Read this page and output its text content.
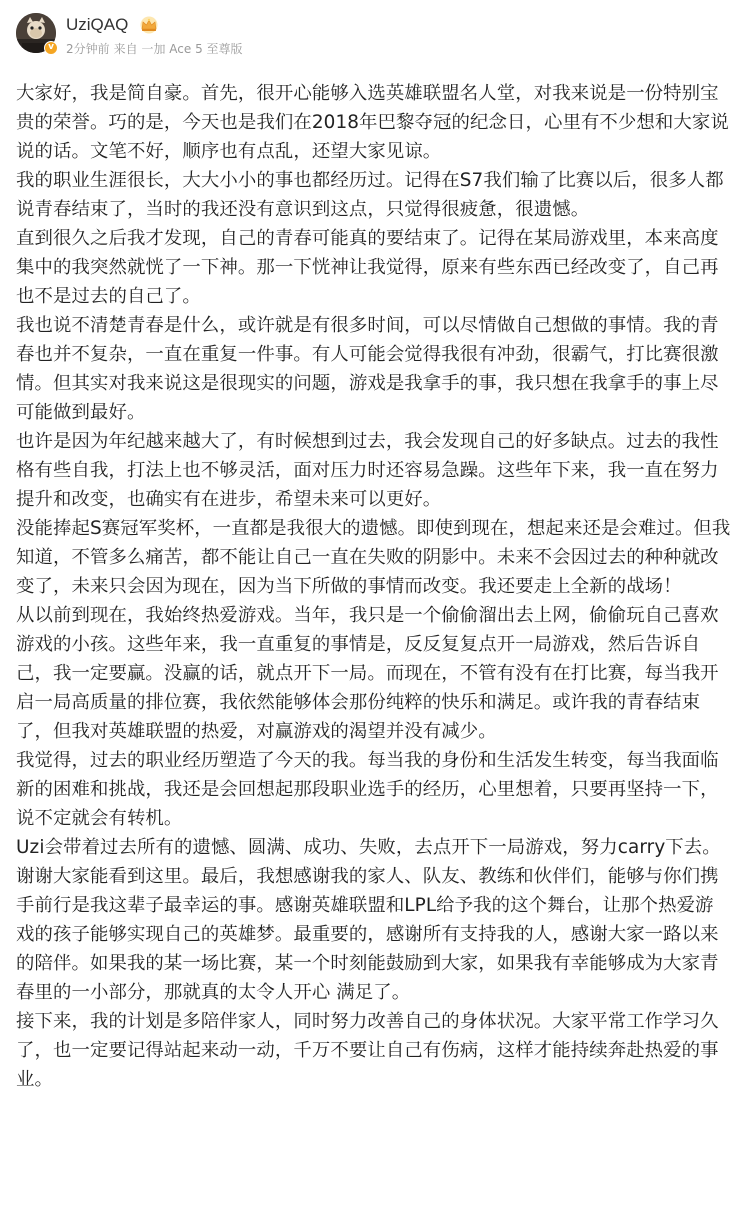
v
UziQAQ
2分钟前 来自 一加 Ace 5 至尊版

大家好，我是简自豪。首先，很开心能够入选英雄联盟名人堂，对我来说是一份特别宝贵的荣誉。巧的是，今天也是我们在2018年巴黎夺冠的纪念日，心里有不少想和大家说说的话。文笔不好，顺序也有点乱，还望大家见谅。

我的职业生涯很长，大大小小的事也都经历过。记得在S7我们输了比赛以后，很多人都说青春结束了，当时的我还没有意识到这点，只觉得很疲惫，很遗憾。

直到很久之后我才发现，自己的青春可能真的要结束了。记得在某局游戏里，本来高度集中的我突然就恍了一下神。那一下恍神让我觉得，原来有些东西已经改变了，自己再也不是过去的自己了。

我也说不清楚青春是什么，或许就是有很多时间，可以尽情做自己想做的事情。我的青春也并不复杂，一直在重复一件事。有人可能会觉得我很有冲劲，很霸气，打比赛很激情。但其实对我来说这是很现实的问题，游戏是我拿手的事，我只想在我拿手的事上尽可能做到最好。

也许是因为年纪越来越大了，有时候想到过去，我会发现自己的好多缺点。过去的我性格有些自我，打法上也不够灵活，面对压力时还容易急躁。这些年下来，我一直在努力提升和改变，也确实有在进步，希望未来可以更好。

没能捧起S赛冠军奖杯，一直都是我很大的遗憾。即使到现在，想起来还是会难过。但我知道，不管多么痛苦，都不能让自己一直在失败的阴影中。未来不会因过去的种种就改变了，未来只会因为现在，因为当下所做的事情而改变。我还要走上全新的战场！

从以前到现在，我始终热爱游戏。当年，我只是一个偷偷溜出去上网，偷偷玩自己喜欢游戏的小孩。这些年来，我一直重复的事情是，反反复复点开一局游戏，然后告诉自己，我一定要赢。没赢的话，就点开下一局。而现在，不管有没有在打比赛，每当我开启一局高质量的排位赛，我依然能够体会那份纯粹的快乐和满足。或许我的青春结束了，但我对英雄联盟的热爱，对赢游戏的渴望并没有减少。

我觉得，过去的职业经历塑造了今天的我。每当我的身份和生活发生转变，每当我面临新的困难和挑战，我还是会回想起那段职业选手的经历，心里想着，只要再坚持一下，说不定就会有转机。

Uzi会带着过去所有的遗憾、圆满、成功、失败，去点开下一局游戏，努力carry下去。

谢谢大家能看到这里。最后，我想感谢我的家人、队友、教练和伙伴们，能够与你们携手前行是我这辈子最幸运的事。感谢英雄联盟和LPL给予我的这个舞台，让那个热爱游戏的孩子能够实现自己的英雄梦。最重要的，感谢所有支持我的人，感谢大家一路以来的陪伴。如果我的某一场比赛，某一个时刻能鼓励到大家，如果我有幸能够成为大家青春里的一小部分，那就真的太令人开心 满足了。

接下来，我的计划是多陪伴家人，同时努力改善自己的身体状况。大家平常工作学习久了，也一定要记得站起来动一动，千万不要让自己有伤病，这样才能持续奔赴热爱的事业。
